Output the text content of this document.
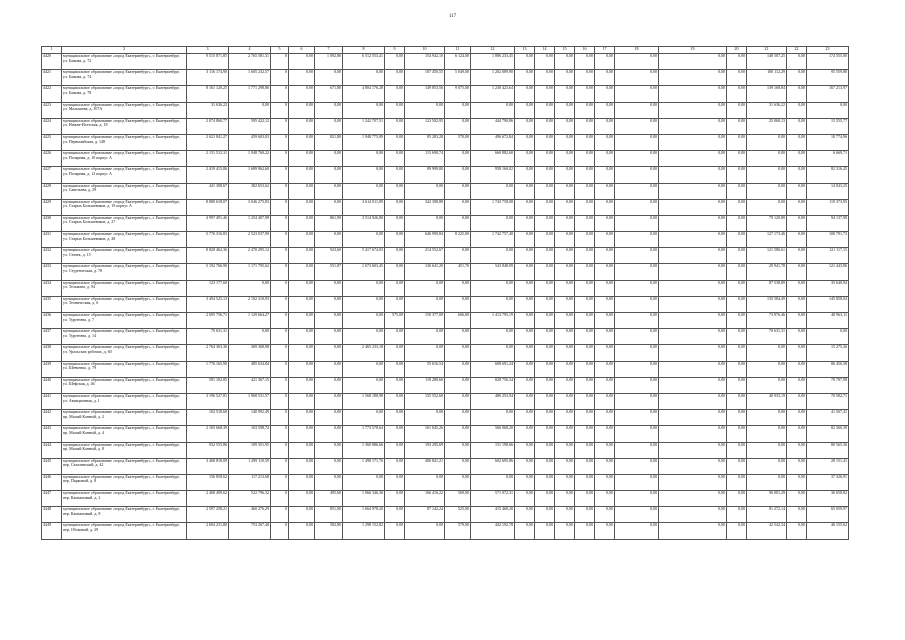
117
1	2	3	4	5	6	7	8	9	10	11	12	13	14	15	16	17	18	19	20	21	22	23
4420	муниципальное образование «город Екатеринбург», г. Екатеринбург, ул. Бажова, д. 72	9 515 871,85	2 765 581,31	0	0,00	1 092,86	6 512 553,41	0,00	154 942,10	6 124,00	1 886 233,45	0,00	0,00	0,00	0,00	0,00	0,00	0,00	0,00	148 507,25	0,00	174 555,00
4421	муниципальное образование «город Екатеринбург», г. Екатеринбург, ул. Бажова, д. 74	3 116 174,90	1 605 232,57	0	0,00	0,00	0,00	0,00	107 450,55	5 049,00	1 202 089,90	0,00	0,00	0,00	0,00	0,00	0,00	0,00	0,00	100 112,29	0,00	95 559,88
4422	муниципальное образование «город Екатеринбург», г. Екатеринбург, ул. Бажова, д. 78	8 161 120,25	1 771 298,86	0	0,00	671,80	4 804 176,28	0,00	149 853,56	9 075,00	1 230 423,64	0,00	0,00	0,00	0,00	0,00	0,00	0,00	0,00	139 168,84	0,00	167 213,97
4423	муниципальное образование «город Екатеринбург», г. Екатеринбург, ул. Малышева, д. 107А	31 636,22	0,00	0	0,00	0,00	0,00	0,00	0,00	0,00	0,00	0,00	0,00	0,00	0,00	0,00	0,00	0,00	0,00	31 636,22	0,00	0,00
4424	муниципальное образование «город Екатеринбург», г. Екатеринбург, ул. Нижне-Исетская, д. 18	2 074 860,77	595 422,12	0	0,00	0,00	1 242 707,51	0,00	123 502,95	0,00	444 790,86	0,00	0,00	0,00	0,00	0,00	0,00	0,00	0,00	25 060,13	0,00	15 555,77
4425	муниципальное образование «город Екатеринбург», г. Екатеринбург, ул. Первомайская, д. 148	2 621 841,27	459 603,03	0	0,00	821,80	1 948 775,89	0,00	85 283,28	570,00	496 672,84	0,00	0,00	0,00	0,00	0,00	0,00	0,00	0,00	0,00	0,00	10 774,96
4426	муниципальное образование «город Екатеринбург», г. Екатеринбург, ул. Полярная, д. 10 корпус А	2 151 512,31	1 948 760,22	0	0,00	0,00	0,00	0,00	115 690,74	0,00	660 882,60	0,00	0,00	0,00	0,00	0,00	0,00	0,00	0,00	0,00	0,00	6 669,71
4427	муниципальное образование «город Екатеринбург», г. Екатеринбург, ул. Полярная, д. 12 корпус А	2 419 415,86	1 689 962,60	0	0,00	0,00	0,00	0,00	89 999,80	0,00	958 160,02	0,00	0,00	0,00	0,00	0,00	0,00	0,00	0,00	0,00	0,00	82 316,45
4428	муниципальное образование «город Екатеринбург», г. Екатеринбург, ул. Савельева, д. 29	441 308,67	382 653,62	0	0,00	0,00	0,00	0,00	0,00	0,00	0,00	0,00	0,00	0,00	0,00	0,00	0,00	0,00	0,00	0,00	0,00	14 843,25
4429	муниципальное образование «город Екатеринбург», г. Екатеринбург, ул. Старых Большевиков, д. 19 корпус А	8 880 618,07	3 046 275,83	0	0,00	0,00	3 614 011,89	0,00	342 398,88	0,00	1 743 758,08	0,00	0,00	0,00	0,00	0,00	0,00	0,00	0,00	0,00	0,00	119 373,95
4430	муниципальное образование «город Екатеринбург», г. Екатеринбург, ул. Старых Большевиков, д. 27	4 997 491,46	1 254 407,98	0	0,00	861,90	3 514 926,80	0,00	0,00	0,00	0,00	0,00	0,00	0,00	0,00	0,00	0,00	0,00	0,00	79 120,80	0,00	94 137,98
4431	муниципальное образование «город Екатеринбург», г. Екатеринбург, ул. Старых Большевиков, д. 28	5 776 316,83	2 523 037,90	0	0,00	0,00	0,00	0,00	646 990,84	8 225,00	1 742 757,40	0,00	0,00	0,00	0,00	0,00	0,00	0,00	0,00	127 173,46	0,00	100 791,73
4432	муниципальное образование «город Екатеринбург», г. Екатеринбург, ул. Стачек, д. 15	8 820 462,36	2 470 295,12	0	0,00	923,60	5 417 674,03	0,00	214 552,67	0,00	0,00	0,00	0,00	0,00	0,00	0,00	0,00	0,00	0,00	121 586,61	0,00	121 117,15
4433	муниципальное образование «город Екатеринбург», г. Екатеринбург, ул. Студенческая, д. 78	5 192 766,90	1 171 795,62	0	0,00	551,87	1 673 603,45	0,00	136 641,20	451,70	543 848,99	0,00	0,00	0,00	0,00	0,00	0,00	0,00	0,00	29 941,78	0,00	121 443,86
4434	муниципальное образование «город Екатеринбург», г. Екатеринбург, ул. Тельмана, д. 94	123 177,60	0,00	0	0,00	0,00	0,00	0,00	0,00	0,00	0,00	0,00	0,00	0,00	0,00	0,00	0,00	0,00	0,00	87 538,89	0,00	35 640,94
4435	муниципальное образование «город Екатеринбург», г. Екатеринбург, ул. Техническая, д. 6	3 494 525,13	2 102 310,93	0	0,00	0,00	0,00	0,00	0,00	0,00	0,00	0,00	0,00	0,00	0,00	0,00	0,00	0,00	0,00	135 584,49	0,00	145 858,04
4436	муниципальное образование «город Екатеринбург», г. Екатеринбург, ул. Тургенева, д. 7	2 695 756,71	1 129 664,27	0	0,00	0,00	0,00	575,00	150 377,00	606,00	1 413 795,19	0,00	0,00	0,00	0,00	0,00	0,00	0,00	0,00	73 976,46	0,00	40 963,11
4437	муниципальное образование «город Екатеринбург», г. Екатеринбург, ул. Тургенева, д. 14	70 631,31	0,00	0	0,00	0,00	0,00	0,00	0,00	0,00	0,00	0,00	0,00	0,00	0,00	0,00	0,00	0,00	0,00	70 631,31	0,00	0,00
4438	муниципальное образование «город Екатеринбург», г. Екатеринбург, ул. Уральских рабочих, д. 60	2 764 363,36	369 368,98	0	0,00	0,00	2 465 233,18	0,00	0,00	0,00	0,00	0,00	0,00	0,00	0,00	0,00	0,00	0,00	0,00	0,00	0,00	15 275,26
4439	муниципальное образование «город Екатеринбург», г. Екатеринбург, ул. Шевченко, д. 79	1 776 165,90	485 634,84	0	0,00	0,00	0,00	0,00	55 616,54	0,00	608 691,24	0,00	0,00	0,00	0,00	0,00	0,00	0,00	0,00	0,00	0,00	86 456,58
4440	муниципальное образование «город Екатеринбург», г. Екатеринбург, ул. Шефская, д. 46	581 102,85	421 367,15	0	0,00	0,00	0,00	0,00	118 280,66	0,00	828 756,34	0,00	0,00	0,00	0,00	0,00	0,00	0,00	0,00	0,00	0,00	70 787,98
4441	муниципальное образование «город Екатеринбург», г. Екатеринбург, ул. Авиационная, д. 1	3 196 527,81	1 968 531,57	0	0,00	0,00	1 568 188,98	0,00	155 552,60	0,00	486 253,94	0,00	0,00	0,00	0,00	0,00	0,00	0,00	0,00	40 933,19	0,00	70 582,71
4442	муниципальное образование «город Екатеринбург», г. Екатеринбург, пр. Малый Конный, д. 2	102 518,60	140 992,49	0	0,00	0,00	0,00	0,00	0,00	0,00	0,00	0,00	0,00	0,00	0,00	0,00	0,00	0,00	0,00	0,00	0,00	41 567,41
4443	муниципальное образование «город Екатеринбург», г. Екатеринбург, пр. Малый Конный, д. 4	2 165 668,39	103 598,74	0	0,00	0,00	1 773 578,64	0,00	161 045,26	0,00	566 068,20	0,00	0,00	0,00	0,00	0,00	0,00	0,00	0,00	0,00	0,00	82 360,39
4444	муниципальное образование «город Екатеринбург», г. Екатеринбург, пр. Малый Конный, д. 8	932 555,86	109 351,95	0	0,00	0,00	1 360 886,66	0,00	193 295,69	0,00	151 198,66	0,00	0,00	0,00	0,00	0,00	0,00	0,00	0,00	0,00	0,00	80 565,36
4445	муниципальное образование «город Екатеринбург», г. Екатеринбург, пер. Сахалинский, д. 42	3 468 818,09	1 299 110,59	0	0,00	0,00	1 498 171,76	0,00	406 841,21	0,00	602 695,86	0,00	0,00	0,00	0,00	0,00	0,00	0,00	0,00	0,00	0,00	28 151,41
4446	муниципальное образование «город Екатеринбург», г. Екатеринбург, пер. Парковый, д. 8	156 858,62	117 213,68	0	0,00	0,00	0,00	0,00	0,00	0,00	0,00	0,00	0,00	0,00	0,00	0,00	0,00	0,00	0,00	0,00	0,00	37 326,91
4447	муниципальное образование «город Екатеринбург», г. Екатеринбург, пер. Камышовый, д. 2	2 468 409,62	522 796,32	0	0,00	495,60	1 066 346,30	0,00	166 416,22	569,00	571 072,31	0,00	0,00	0,00	0,00	0,00	0,00	0,00	0,00	96 001,29	0,00	36 658,82
4448	муниципальное образование «город Екатеринбург», г. Екатеринбург, пер. Камышовый, д. 8	2 597 258,21	460 276,29	0	0,00	851,00	1 664 978,20	0,00	87 142,24	525,00	415 468,20	0,00	0,00	0,00	0,00	0,00	0,00	0,00	0,00	81 272,14	0,00	65 059,97
4449	муниципальное образование «город Екатеринбург», г. Екатеринбург, пер. Обсковый, д. 29	2 604 231,80	753 267,40	0	0,00	582,80	1 298 152,82	0,00	0,00	579,00	442 192,78	0,00	0,00	0,00	0,00	0,00	0,00	0,00	0,00	42 542,34	0,00	46 155,62
